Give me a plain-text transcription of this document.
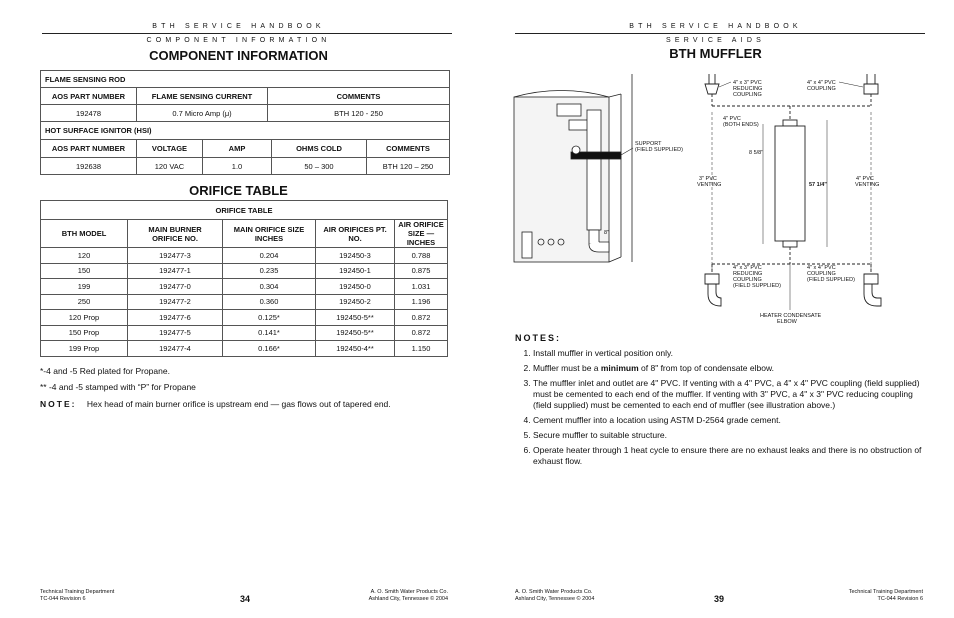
BTH SERVICE HANDBOOK
COMPONENT INFORMATION
COMPONENT INFORMATION
FLAME SENSING ROD		
AOS PART NUMBER	FLAME SENSING CURRENT	COMMENTS
192478	0.7 Micro Amp (μ)	BTH 120 - 250
HOT SURFACE IGNITOR (HSI)				
AOS PART NUMBER	VOLTAGE	AMP	OHMS COLD	COMMENTS
192638	120 VAC	1.0	50 – 300	BTH 120 – 250
ORIFICE TABLE
ORIFICE TABLE				
BTH MODEL	MAIN BURNER ORIFICE NO.	MAIN ORIFICE SIZE INCHES	AIR ORIFICES PT. NO.	AIR ORIFICE SIZE — INCHES
120	192477-3	0.204	192450-3	0.788
150	192477-1	0.235	192450-1	0.875
199	192477-0	0.304	192450-0	1.031
250	192477-2	0.360	192450-2	1.196
120 Prop	192477-6	0.125*	192450-5**	0.872
150 Prop	192477-5	0.141*	192450-5**	0.872
199 Prop	192477-4	0.166*	192450-4**	1.150
*-4 and -5 Red plated for Propane.
** -4 and -5 stamped with “P” for Propane
NOTE: Hex head of main burner orifice is upstream end — gas flows out of tapered end.
Technical Training Department
TC-044 Revision 6	34
A. O. Smith Water Products Co.
Ashland City, Tennessee © 2004
BTH SERVICE HANDBOOK
SERVICE AIDS
BTH MUFFLER
SUPPORT (FIELD SUPPLIED)
8"
4" x 3" PVC REDUCING COUPLING
4" x 4" PVC COUPLING
4" PVC (BOTH ENDS)
8 5/8"
57 1/4"
3" PVC VENTING
4" PVC VENTING
4" x 3" PVC REDUCING COUPLING (FIELD SUPPLIED)
4" x 4" PVC COUPLING (FIELD SUPPLIED)
HEATER CONDENSATE ELBOW
NOTES:
1. Install muffler in vertical position only.
2. Muffler must be a minimum of 8" from top of condensate elbow.
3. The muffler inlet and outlet are 4" PVC. If venting with a 4" PVC, a 4" x 4" PVC coupling (field supplied) must be cemented to each end of the muffler. If venting with 3" PVC, a 4" x 3" PVC reducing coupling (field supplied) must be cemented to each end of muffler (see illustration above.)
4. Cement muffler into a location using ASTM D-2564 grade cement.
5. Secure muffler to suitable structure.
6. Operate heater through 1 heat cycle to ensure there are no exhaust leaks and there is no obstruction of exhaust flow.
A. O. Smith Water Products Co.
Ashland City, Tennessee © 2004	39
Technical Training Department
TC-044 Revision 6
